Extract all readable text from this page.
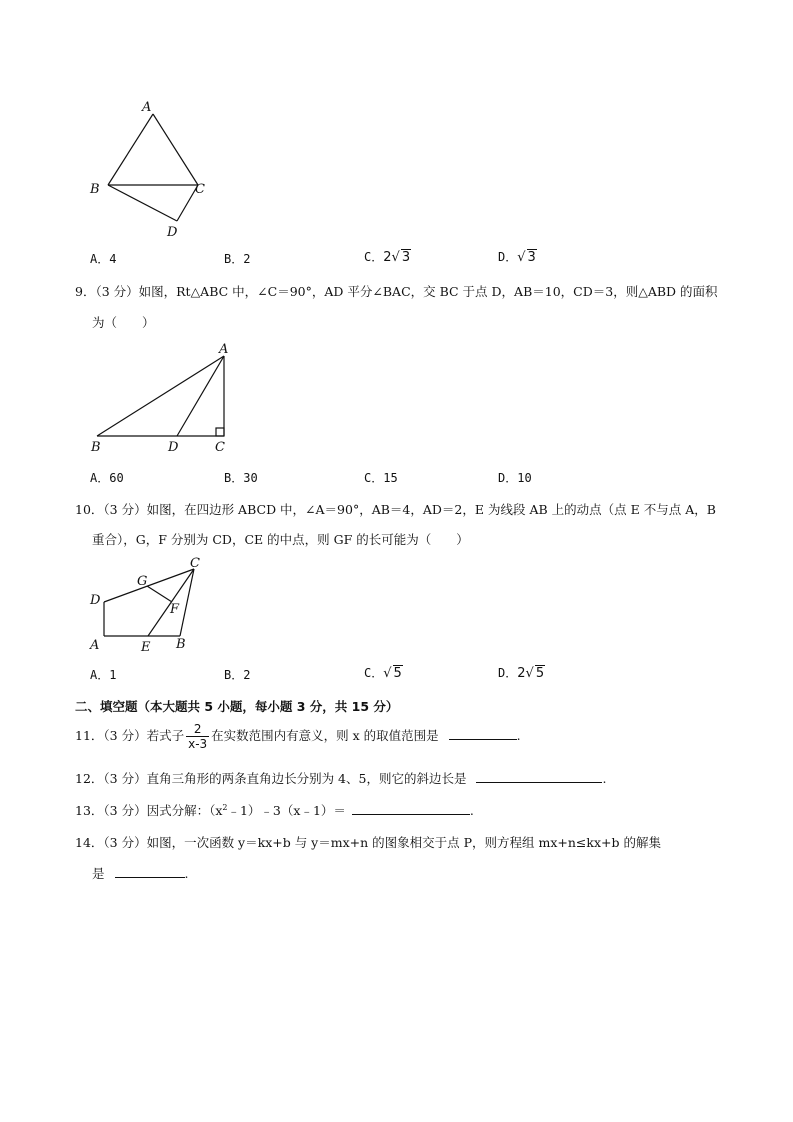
A
B	C
D
A．4	B．2	C．2√ 3	D．√ 3
9．（3 分）如图，Rt△ABC 中，∠C＝90°，AD 平分∠BAC，交 BC 于点 D，AB＝10，CD＝3，则△ABD 的面积
为（　　）
A
B	D	C
A．60	B．30	C．15	D．10
10．（3 分）如图，在四边形 ABCD 中，∠A＝90°，AB＝4，AD＝2，E 为线段 AB 上的动点（点 E 不与点 A，B
重合），G，F 分别为 CD，CE 的中点，则 GF 的长可能为（　　）
C
G
D
F
A	E B
A．1	B．2	C．√ 5	D．2√ 5
二、填空题（本大题共 5 小题，每小题 3 分，共 15 分）
11．（3 分）若式子 $\frac{2}{x-3}$ 在实数范围内有意义，则 x 的取值范围是	.
12．（3 分）直角三角形的两条直角边长分别为 4、5，则它的斜边长是	.
13．（3 分）因式分解：$(x^2﹣1)﹣3(x﹣1)=$	.
14．（3 分）如图，一次函数 y＝kx+b 与 y＝mx+n 的图象相交于点 P，则方程组 mx+n≤kx+b 的解集
是	.
